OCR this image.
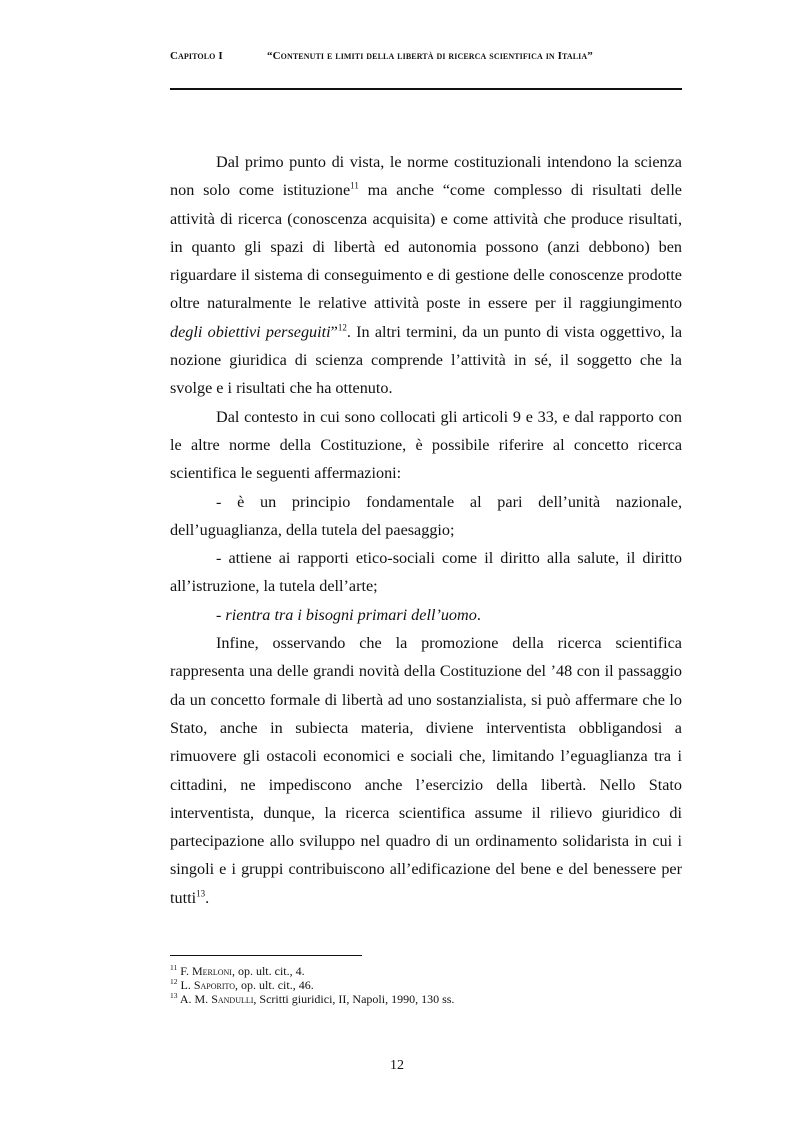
Capitolo I	“Contenuti e limiti della libertà di ricerca scientifica in Italia”

Dal primo punto di vista, le norme costituzionali intendono la scienza non solo come istituzione$^{11}$ ma anche “come complesso di risultati delle attività di ricerca (conoscenza acquisita) e come attività che produce risultati, in quanto gli spazi di libertà ed autonomia possono (anzi debbono) ben riguardare il sistema di conseguimento e di gestione delle conoscenze prodotte oltre naturalmente le relative attività poste in essere per il raggiungimento degli obiettivi perseguiti”$^{12}$. In altri termini, da un punto di vista oggettivo, la nozione giuridica di scienza comprende l’attività in sé, il soggetto che la svolge e i risultati che ha ottenuto.

Dal contesto in cui sono collocati gli articoli 9 e 33, e dal rapporto con le altre norme della Costituzione, è possibile riferire al concetto ricerca scientifica le seguenti affermazioni:

- è un principio fondamentale al pari dell’unità nazionale, dell’uguaglianza, della tutela del paesaggio;

- attiene ai rapporti etico-sociali come il diritto alla salute, il diritto all’istruzione, la tutela dell’arte;

- rientra tra i bisogni primari dell’uomo.

Infine, osservando che la promozione della ricerca scientifica rappresenta una delle grandi novità della Costituzione del ’48 con il passaggio da un concetto formale di libertà ad uno sostanzialista, si può affermare che lo Stato, anche in subiecta materia, diviene interventista obbligandosi a rimuovere gli ostacoli economici e sociali che, limitando l’eguaglianza tra i cittadini, ne impediscono anche l’esercizio della libertà. Nello Stato interventista, dunque, la ricerca scientifica assume il rilievo giuridico di partecipazione allo sviluppo nel quadro di un ordinamento solidarista in cui i singoli e i gruppi contribuiscono all’edificazione del bene e del benessere per tutti$^{13}$.

$^{11}$ F. Merloni, op. ult. cit., 4.
$^{12}$ L. Saporito, op. ult. cit., 46.
$^{13}$ A. M. Sandulli, Scritti giuridici, II, Napoli, 1990, 130 ss.
12
